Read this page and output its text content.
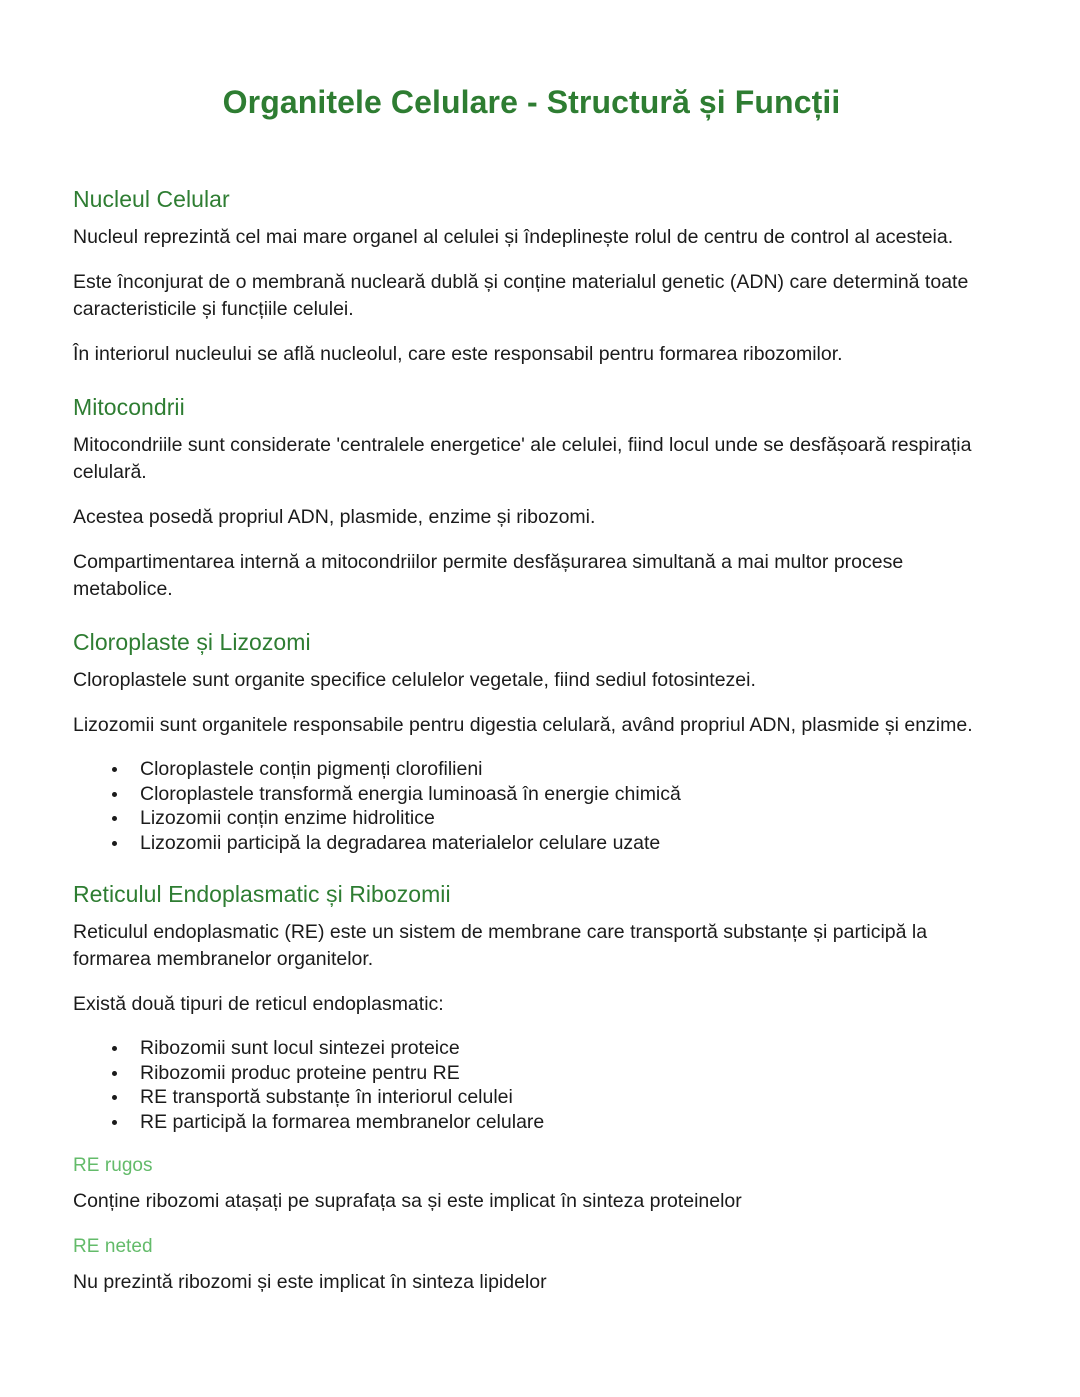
Organitele Celulare - Structură și Funcții
Nucleul Celular

Nucleul reprezintă cel mai mare organel al celulei și îndeplinește rolul de centru de control al acesteia.

Este înconjurat de o membrană nucleară dublă și conține materialul genetic (ADN) care determină toate caracteristicile și funcțiile celulei.

În interiorul nucleului se află nucleolul, care este responsabil pentru formarea ribozomilor.

Mitocondrii

Mitocondriile sunt considerate 'centralele energetice' ale celulei, fiind locul unde se desfășoară respirația celulară.

Acestea posedă propriul ADN, plasmide, enzime și ribozomi.

Compartimentarea internă a mitocondriilor permite desfășurarea simultană a mai multor procese metabolice.

Cloroplaste și Lizozomi

Cloroplastele sunt organite specifice celulelor vegetale, fiind sediul fotosintezei.

Lizozomii sunt organitele responsabile pentru digestia celulară, având propriul ADN, plasmide și enzime.

Cloroplastele conțin pigmenți clorofilieni
Cloroplastele transformă energia luminoasă în energie chimică
Lizozomii conțin enzime hidrolitice
Lizozomii participă la degradarea materialelor celulare uzate
Reticulul Endoplasmatic și Ribozomii

Reticulul endoplasmatic (RE) este un sistem de membrane care transportă substanțe și participă la formarea membranelor organitelor.

Există două tipuri de reticul endoplasmatic:

Ribozomii sunt locul sintezei proteice
Ribozomii produc proteine pentru RE
RE transportă substanțe în interiorul celulei
RE participă la formarea membranelor celulare
RE rugos

Conține ribozomi atașați pe suprafața sa și este implicat în sinteza proteinelor

RE neted

Nu prezintă ribozomi și este implicat în sinteza lipidelor
